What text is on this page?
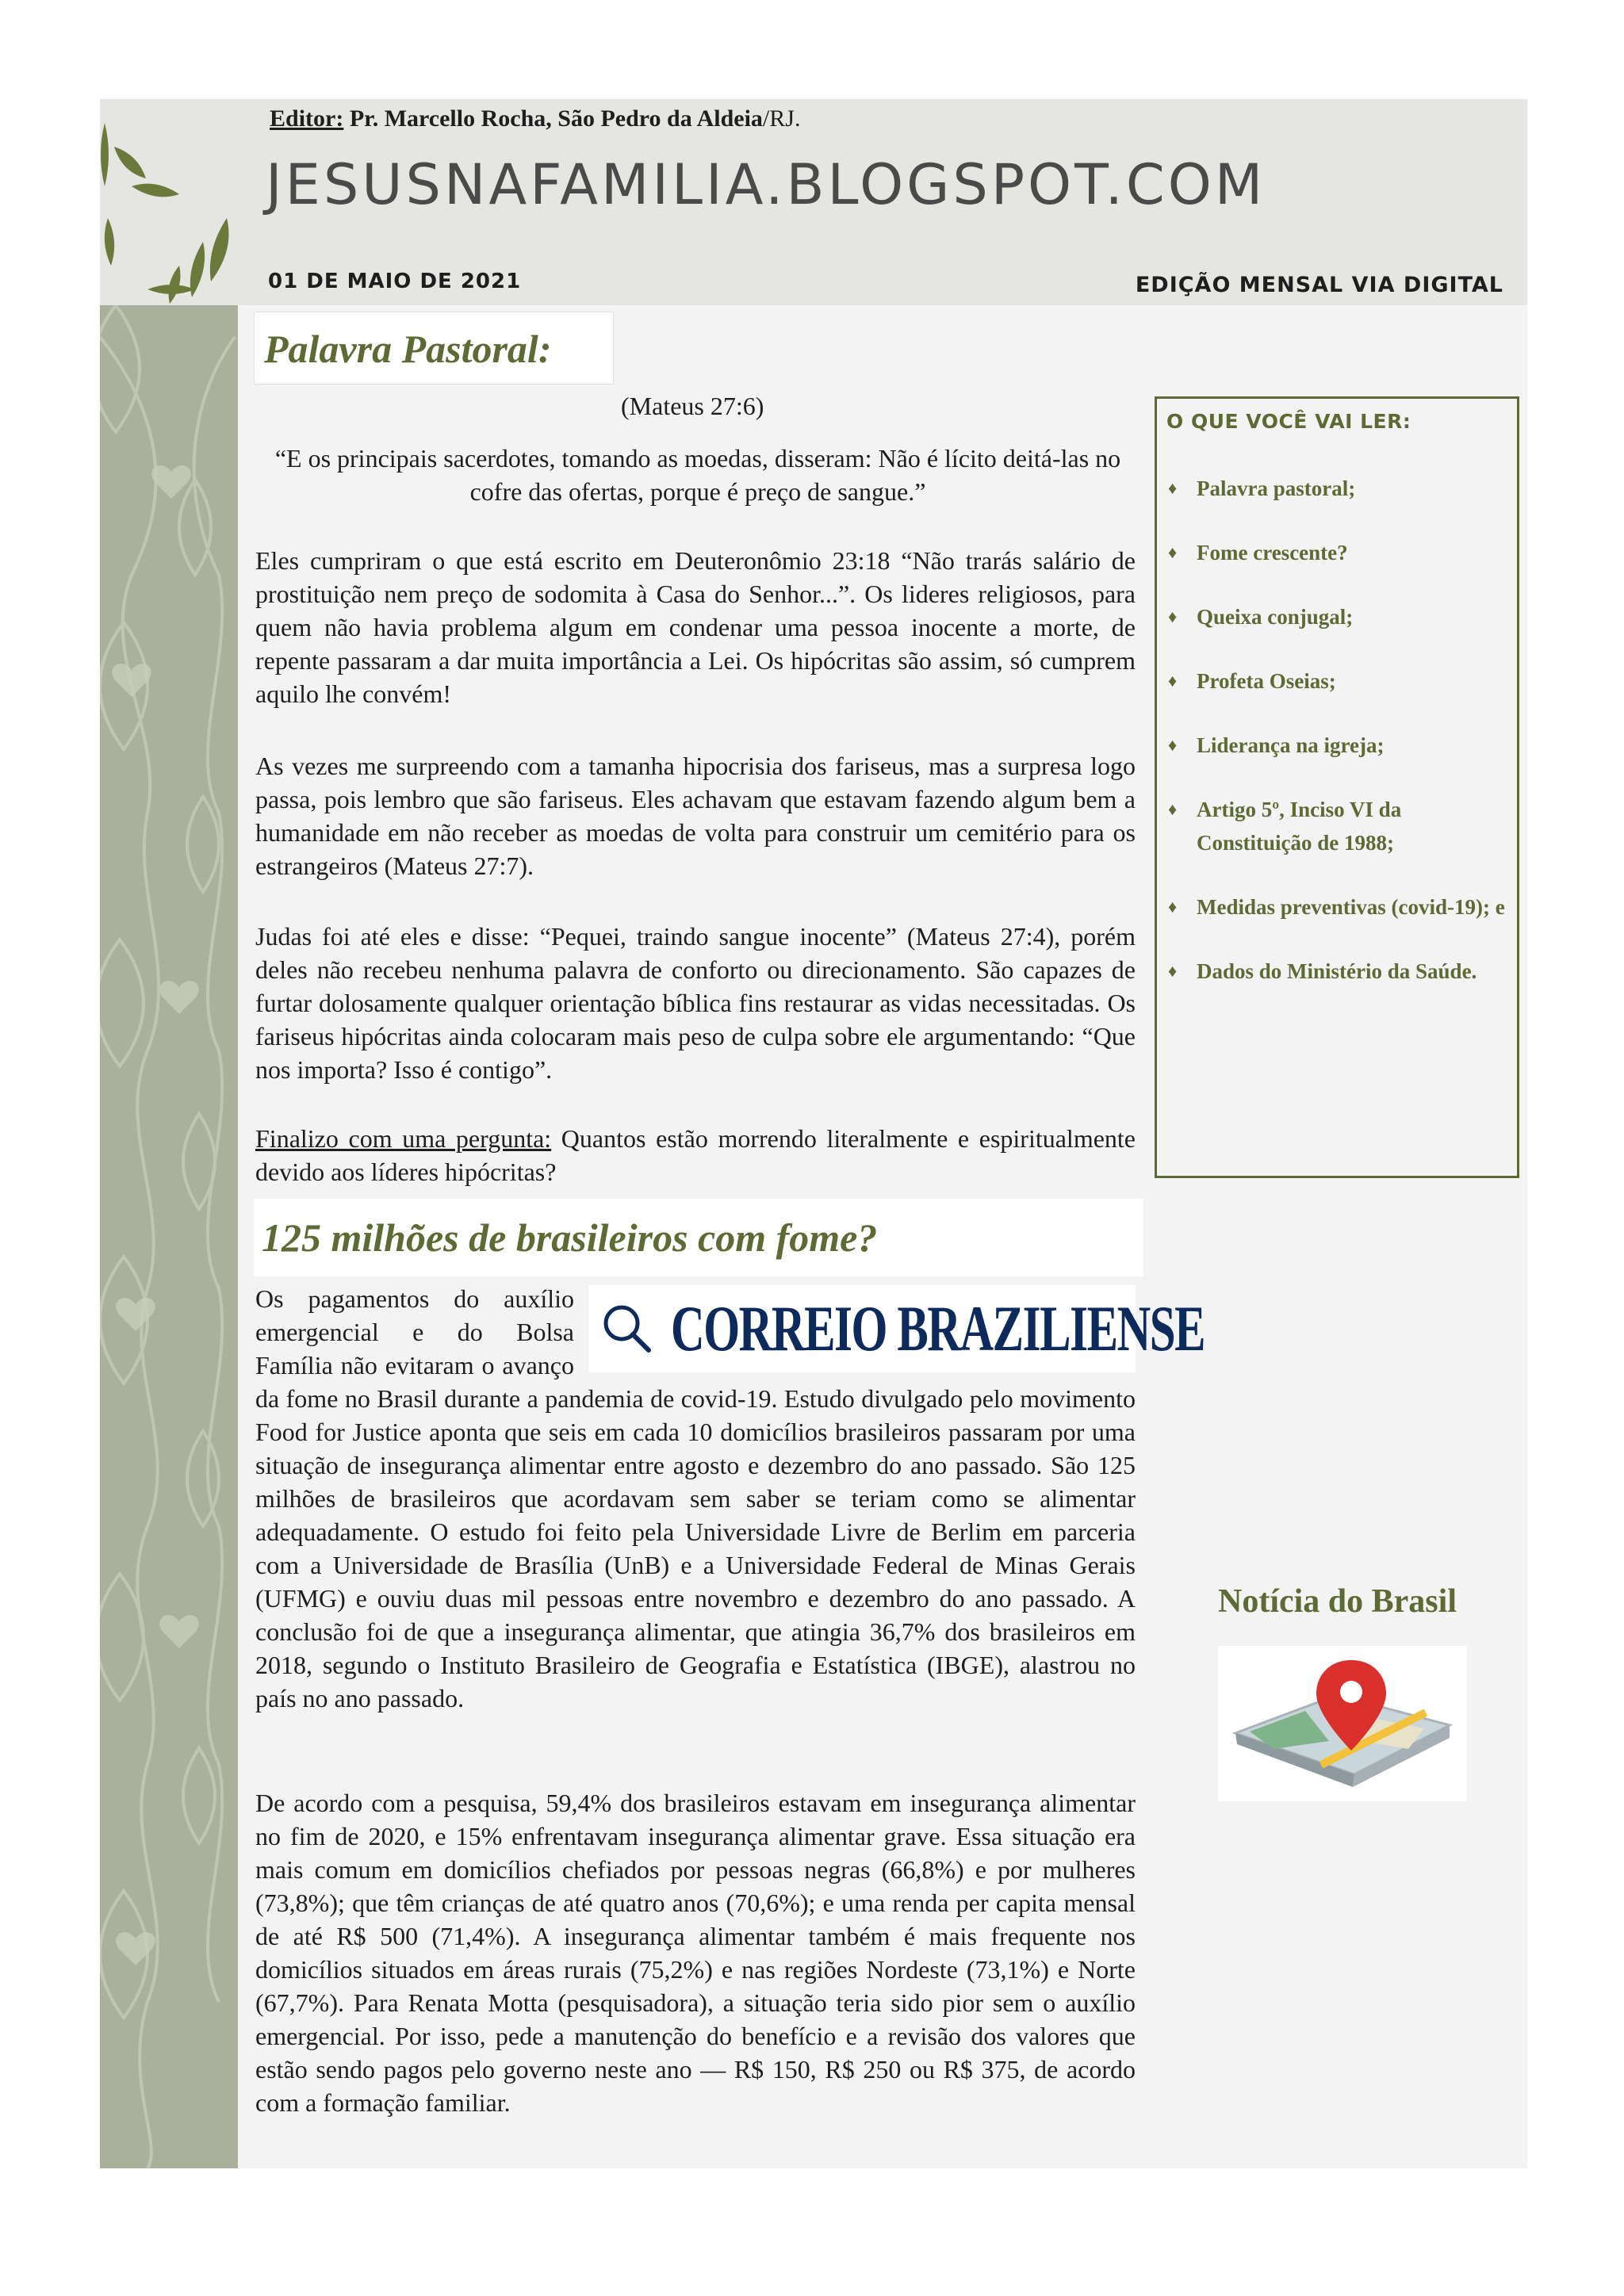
Editor: Pr. Marcello Rocha, São Pedro da Aldeia/RJ.
JESUSNAFAMILIA.BLOGSPOT.COM
01 DE MAIO DE 2021	EDIÇÃO MENSAL VIA DIGITAL
Palavra Pastoral:
(Mateus 27:6)
“E os principais sacerdotes, tomando as moedas, disseram: Não é lícito deitá-las no cofre das ofertas, porque é preço de sangue.”
Eles cumpriram o que está escrito em Deuteronômio 23:18 “Não trarás salário de prostituição nem preço de sodomita à Casa do Senhor...”. Os lideres religiosos, para quem não havia problema algum em condenar uma pessoa inocente a morte, de repente passaram a dar muita importância a Lei. Os hipócritas são assim, só cumprem aquilo lhe convém!
As vezes me surpreendo com a tamanha hipocrisia dos fariseus, mas a surpresa logo passa, pois lembro que são fariseus. Eles achavam que estavam fazendo algum bem a humanidade em não receber as moedas de volta para construir um cemitério para os estrangeiros (Mateus 27:7).
Judas foi até eles e disse: “Pequei, traindo sangue inocente” (Mateus 27:4), porém deles não recebeu nenhuma palavra de conforto ou direcionamento. São capazes de furtar dolosamente qualquer orientação bíblica fins restaurar as vidas necessitadas. Os fariseus hipócritas ainda colocaram mais peso de culpa sobre ele argumentando: “Que nos importa? Isso é contigo”.
Finalizo com uma pergunta: Quantos estão morrendo literalmente e espiritualmente devido aos líderes hipócritas?
125 milhões de brasileiros com fome?
CORREIO BRAZILIENSE
Os pagamentos do auxílio emergencial e do Bolsa Família não evitaram o avanço da fome no Brasil durante a pandemia de covid-19. Estudo divulgado pelo movimento Food for Justice aponta que seis em cada 10 domicílios brasileiros passaram por uma situação de insegurança alimentar entre agosto e dezembro do ano passado. São 125 milhões de brasileiros que acordavam sem saber se teriam como se alimentar adequadamente. O estudo foi feito pela Universidade Livre de Berlim em parceria com a Universidade de Brasília (UnB) e a Universidade Federal de Minas Gerais (UFMG) e ouviu duas mil pessoas entre novembro e dezembro do ano passado. A conclusão foi de que a insegurança alimentar, que atingia 36,7% dos brasileiros em 2018, segundo o Instituto Brasileiro de Geografia e Estatística (IBGE), alastrou no país no ano passado.
De acordo com a pesquisa, 59,4% dos brasileiros estavam em insegurança alimentar no fim de 2020, e 15% enfrentavam insegurança alimentar grave. Essa situação era mais comum em domicílios chefiados por pessoas negras (66,8%) e por mulheres (73,8%); que têm crianças de até quatro anos (70,6%); e uma renda per capita mensal de até R$ 500 (71,4%). A insegurança alimentar também é mais frequente nos domicílios situados em áreas rurais (75,2%) e nas regiões Nordeste (73,1%) e Norte (67,7%). Para Renata Motta (pesquisadora), a situação teria sido pior sem o auxílio emergencial. Por isso, pede a manutenção do benefício e a revisão dos valores que estão sendo pagos pelo governo neste ano — R$ 150, R$ 250 ou R$ 375, de acordo com a formação familiar.
O QUE VOCÊ VAI LER:
♦ Palavra pastoral;
♦ Fome crescente?
♦ Queixa conjugal;
♦ Profeta Oseias;
♦ Liderança na igreja;
♦ Artigo 5º, Inciso VI da Constituição de 1988;
♦ Medidas preventivas (covid-19); e
♦ Dados do Ministério da Saúde.
Notícia do Brasil
